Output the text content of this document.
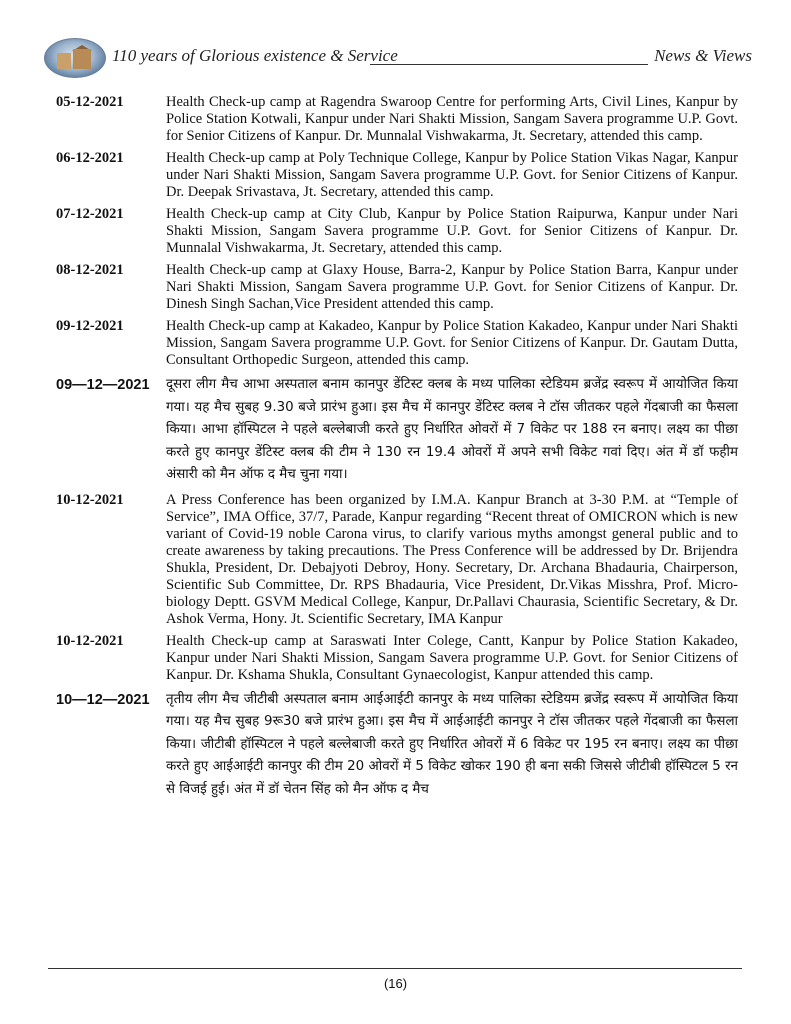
110 years of Glorious existence & Service	News & Views
05-12-2021	Health Check-up camp at Ragendra Swaroop Centre for performing Arts, Civil Lines, Kanpur by Police Station Kotwali, Kanpur under Nari Shakti Mission, Sangam Savera programme U.P. Govt. for Senior Citizens of Kanpur. Dr. Munnalal Vishwakarma, Jt. Secretary, attended this camp.
06-12-2021	Health Check-up camp at Poly Technique College, Kanpur by Police Station Vikas Nagar, Kanpur under Nari Shakti Mission, Sangam Savera programme U.P. Govt. for Senior Citizens of Kanpur. Dr. Deepak Srivastava, Jt. Secretary, attended this camp.
07-12-2021	Health Check-up camp at City Club, Kanpur by Police Station Raipurwa, Kanpur under Nari Shakti Mission, Sangam Savera programme U.P. Govt. for Senior Citizens of Kanpur. Dr. Munnalal Vishwakarma, Jt. Secretary, attended this camp.
08-12-2021	Health Check-up camp at Glaxy House, Barra-2, Kanpur by Police Station Barra, Kanpur under Nari Shakti Mission, Sangam Savera programme U.P. Govt. for Senior Citizens of Kanpur. Dr. Dinesh Singh Sachan,Vice President attended this camp.
09-12-2021	Health Check-up camp at Kakadeo, Kanpur by Police Station Kakadeo, Kanpur under Nari Shakti Mission, Sangam Savera programme U.P. Govt. for Senior Citizens of Kanpur. Dr. Gautam Dutta, Consultant Orthopedic Surgeon, attended this camp.
09—12—2021	दूसरा लीग मैच आभा अस्पताल बनाम कानपुर डेंटिस्ट क्लब के मध्य पालिका स्टेडियम ब्रजेंद्र स्वरूप में आयोजित किया गया। यह मैच सुबह 9.30 बजे प्रारंभ हुआ। इस मैच में कानपुर डेंटिस्ट क्लब ने टॉस जीतकर पहले गेंदबाजी का फैसला किया। आभा हॉस्पिटल ने पहले बल्लेबाजी करते हुए निर्धारित ओवरों में 7 विकेट पर 188 रन बनाए। लक्ष्य का पीछा करते हुए कानपुर डेंटिस्ट क्लब की टीम ने 130 रन 19.4 ओवरों में अपने सभी विकेट गवां दिए। अंत में डॉ फहीम अंसारी को मैन ऑफ द मैच चुना गया।
10-12-2021	A Press Conference has been organized by I.M.A. Kanpur Branch at 3-30 P.M. at “Temple of Service”, IMA Office, 37/7, Parade, Kanpur regarding “Recent threat of OMICRON which is new variant of Covid-19 noble Carona virus, to clarify various myths amongst general public and to create awareness by taking precautions. The Press Conference will be addressed by Dr. Brijendra Shukla, President, Dr. Debajyoti Debroy, Hony. Secretary, Dr. Archana Bhadauria, Chairperson, Scientific Sub Committee, Dr. RPS Bhadauria, Vice President, Dr.Vikas Misshra, Prof. Micro-biology Deptt. GSVM Medical College, Kanpur, Dr.Pallavi Chaurasia, Scientific Secretary, & Dr. Ashok Verma, Hony. Jt. Scientific Secretary, IMA Kanpur
10-12-2021	Health Check-up camp at Saraswati Inter Colege, Cantt, Kanpur by Police Station Kakadeo, Kanpur under Nari Shakti Mission, Sangam Savera programme U.P. Govt. for Senior Citizens of Kanpur. Dr. Kshama Shukla, Consultant Gynaecologist, Kanpur attended this camp.
10—12—2021	तृतीय लीग मैच जीटीबी अस्पताल बनाम आईआईटी कानपुर के मध्य पालिका स्टेडियम ब्रजेंद्र स्वरूप में आयोजित किया गया। यह मैच सुबह 9रू30 बजे प्रारंभ हुआ। इस मैच में आईआईटी कानपुर ने टॉस जीतकर पहले गेंदबाजी का फैसला किया। जीटीबी हॉस्पिटल ने पहले बल्लेबाजी करते हुए निर्धारित ओवरों में 6 विकेट पर 195 रन बनाए। लक्ष्य का पीछा करते हुए आईआईटी कानपुर की टीम 20 ओवरों में 5 विकेट खोकर 190 ही बना सकी जिससे जीटीबी हॉस्पिटल 5 रन से विजई हुई। अंत में डॉ चेतन सिंह को मैन ऑफ द मैच
(16)
